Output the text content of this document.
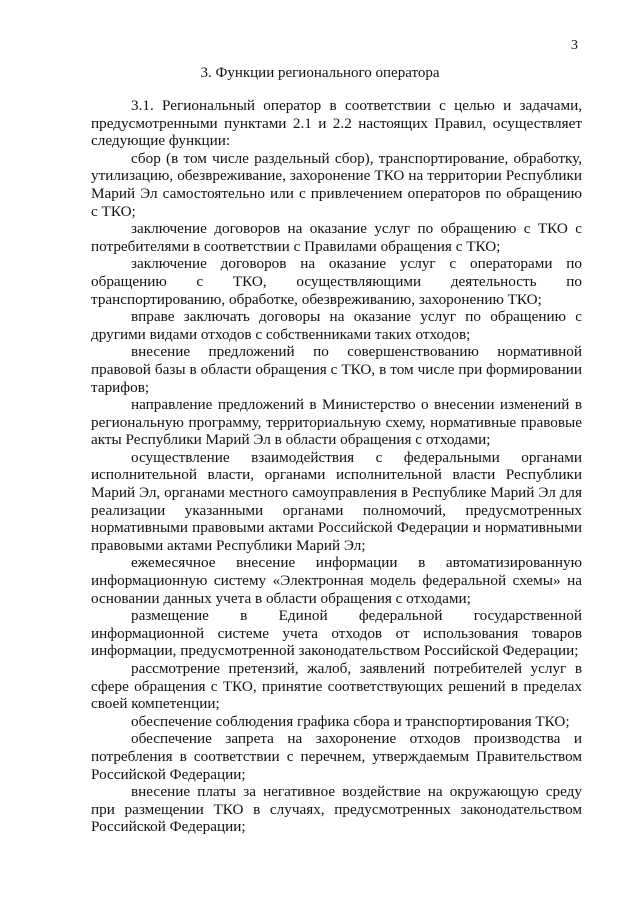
3
3. Функции регионального оператора

3.1. Региональный оператор в соответствии с целью и задачами, предусмотренными пунктами 2.1 и 2.2 настоящих Правил, осуществляет следующие функции:

сбор (в том числе раздельный сбор), транспортирование, обработку, утилизацию, обезвреживание, захоронение ТКО на территории Республики Марий Эл самостоятельно или с привлечением операторов по обращению с ТКО;

заключение договоров на оказание услуг по обращению с ТКО с потребителями в соответствии с Правилами обращения с ТКО;

заключение договоров на оказание услуг с операторами по обращению с ТКО, осуществляющими деятельность по транспортированию, обработке, обезвреживанию, захоронению ТКО;

вправе заключать договоры на оказание услуг по обращению с другими видами отходов с собственниками таких отходов;

внесение предложений по совершенствованию нормативной правовой базы в области обращения с ТКО, в том числе при формировании тарифов;

направление предложений в Министерство о внесении изменений в региональную программу, территориальную схему, нормативные правовые акты Республики Марий Эл в области обращения с отходами;

осуществление взаимодействия с федеральными органами исполнительной власти, органами исполнительной власти Республики Марий Эл, органами местного самоуправления в Республике Марий Эл для реализации указанными органами полномочий, предусмотренных нормативными правовыми актами Российской Федерации и нормативными правовыми актами Республики Марий Эл;

ежемесячное внесение информации в автоматизированную информационную систему «Электронная модель федеральной схемы» на основании данных учета в области обращения с отходами;

размещение в Единой федеральной государственной информационной системе учета отходов от использования товаров информации, предусмотренной законодательством Российской Федерации;

рассмотрение претензий, жалоб, заявлений потребителей услуг в сфере обращения с ТКО, принятие соответствующих решений в пределах своей компетенции;

обеспечение соблюдения графика сбора и транспортирования ТКО;

обеспечение запрета на захоронение отходов производства и потребления в соответствии с перечнем, утверждаемым Правительством Российской Федерации;

внесение платы за негативное воздействие на окружающую среду при размещении ТКО в случаях, предусмотренных законодательством Российской Федерации;
